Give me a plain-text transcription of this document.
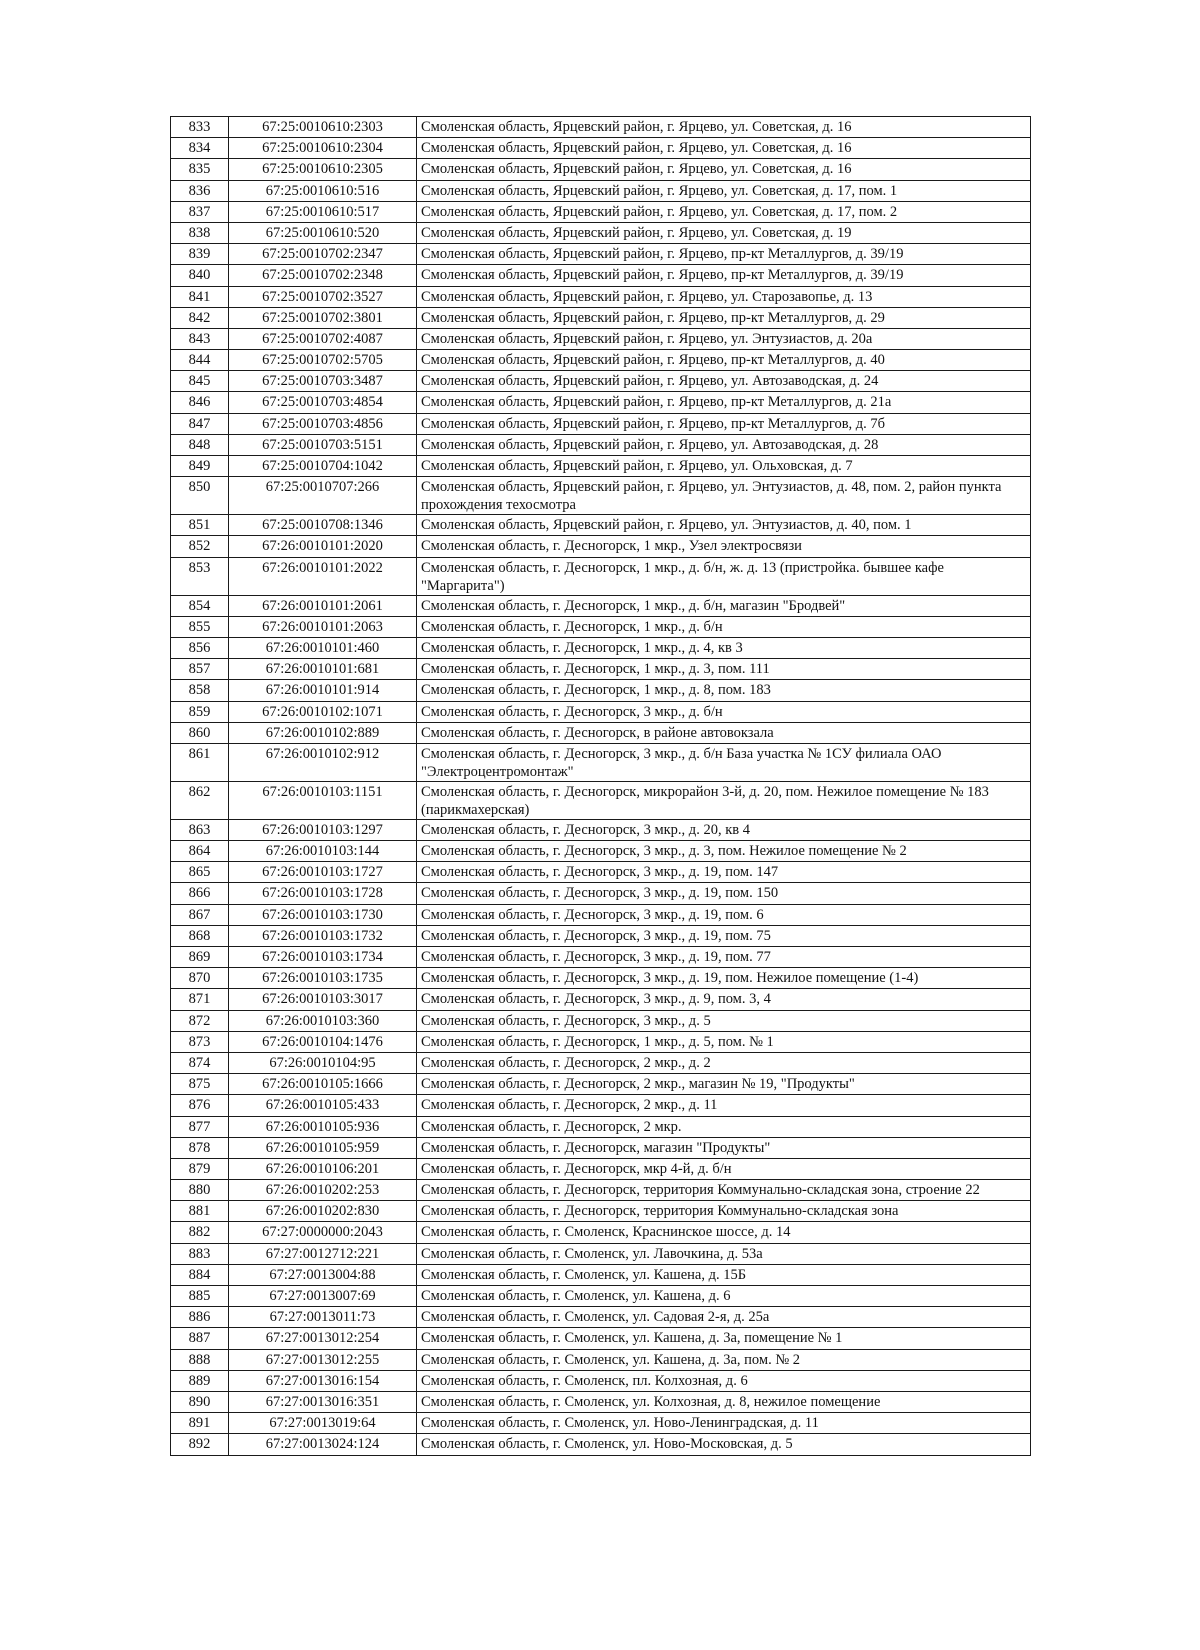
833	67:25:0010610:2303	Смоленская область, Ярцевский район, г. Ярцево, ул. Советская, д. 16
834	67:25:0010610:2304	Смоленская область, Ярцевский район, г. Ярцево, ул. Советская, д. 16
835	67:25:0010610:2305	Смоленская область, Ярцевский район, г. Ярцево, ул. Советская, д. 16
836	67:25:0010610:516	Смоленская область, Ярцевский район, г. Ярцево, ул. Советская, д. 17, пом. 1
837	67:25:0010610:517	Смоленская область, Ярцевский район, г. Ярцево, ул. Советская, д. 17, пом. 2
838	67:25:0010610:520	Смоленская область, Ярцевский район, г. Ярцево, ул. Советская, д. 19
839	67:25:0010702:2347	Смоленская область, Ярцевский район, г. Ярцево, пр-кт Металлургов, д. 39/19
840	67:25:0010702:2348	Смоленская область, Ярцевский район, г. Ярцево, пр-кт Металлургов, д. 39/19
841	67:25:0010702:3527	Смоленская область, Ярцевский район, г. Ярцево, ул. Старозавопье, д. 13
842	67:25:0010702:3801	Смоленская область, Ярцевский район, г. Ярцево, пр-кт Металлургов, д. 29
843	67:25:0010702:4087	Смоленская область, Ярцевский район, г. Ярцево, ул. Энтузиастов, д. 20а
844	67:25:0010702:5705	Смоленская область, Ярцевский район, г. Ярцево, пр-кт Металлургов, д. 40
845	67:25:0010703:3487	Смоленская область, Ярцевский район, г. Ярцево, ул. Автозаводская, д. 24
846	67:25:0010703:4854	Смоленская область, Ярцевский район, г. Ярцево, пр-кт Металлургов, д. 21а
847	67:25:0010703:4856	Смоленская область, Ярцевский район, г. Ярцево, пр-кт Металлургов, д. 7б
848	67:25:0010703:5151	Смоленская область, Ярцевский район, г. Ярцево, ул. Автозаводская, д. 28
849	67:25:0010704:1042	Смоленская область, Ярцевский район, г. Ярцево, ул. Ольховская, д. 7
850	67:25:0010707:266	Смоленская область, Ярцевский район, г. Ярцево, ул. Энтузиастов, д. 48, пом. 2, район пункта прохождения техосмотра
851	67:25:0010708:1346	Смоленская область, Ярцевский район, г. Ярцево, ул. Энтузиастов, д. 40, пом. 1
852	67:26:0010101:2020	Смоленская область, г. Десногорск, 1 мкр., Узел электросвязи
853	67:26:0010101:2022	Смоленская область, г. Десногорск, 1 мкр., д. б/н, ж. д. 13 (пристройка. бывшее кафе "Маргарита")
854	67:26:0010101:2061	Смоленская область, г. Десногорск, 1 мкр., д. б/н, магазин "Бродвей"
855	67:26:0010101:2063	Смоленская область, г. Десногорск, 1 мкр., д. б/н
856	67:26:0010101:460	Смоленская область, г. Десногорск, 1 мкр., д. 4, кв 3
857	67:26:0010101:681	Смоленская область, г. Десногорск, 1 мкр., д. 3, пом. 111
858	67:26:0010101:914	Смоленская область, г. Десногорск, 1 мкр., д. 8, пом. 183
859	67:26:0010102:1071	Смоленская область, г. Десногорск, 3 мкр., д. б/н
860	67:26:0010102:889	Смоленская область, г. Десногорск, в районе автовокзала
861	67:26:0010102:912	Смоленская область, г. Десногорск, 3 мкр., д. б/н База участка № 1СУ филиала ОАО "Электроцентромонтаж"
862	67:26:0010103:1151	Смоленская область, г. Десногорск, микрорайон 3-й, д. 20, пом. Нежилое помещение № 183 (парикмахерская)
863	67:26:0010103:1297	Смоленская область, г. Десногорск, 3 мкр., д. 20, кв 4
864	67:26:0010103:144	Смоленская область, г. Десногорск, 3 мкр., д. 3, пом. Нежилое помещение № 2
865	67:26:0010103:1727	Смоленская область, г. Десногорск, 3 мкр., д. 19, пом. 147
866	67:26:0010103:1728	Смоленская область, г. Десногорск, 3 мкр., д. 19, пом. 150
867	67:26:0010103:1730	Смоленская область, г. Десногорск, 3 мкр., д. 19, пом. 6
868	67:26:0010103:1732	Смоленская область, г. Десногорск, 3 мкр., д. 19, пом. 75
869	67:26:0010103:1734	Смоленская область, г. Десногорск, 3 мкр., д. 19, пом. 77
870	67:26:0010103:1735	Смоленская область, г. Десногорск, 3 мкр., д. 19, пом. Нежилое помещение (1-4)
871	67:26:0010103:3017	Смоленская область, г. Десногорск, 3 мкр., д. 9, пом. 3, 4
872	67:26:0010103:360	Смоленская область, г. Десногорск, 3 мкр., д. 5
873	67:26:0010104:1476	Смоленская область, г. Десногорск, 1 мкр., д. 5, пом. № 1
874	67:26:0010104:95	Смоленская область, г. Десногорск, 2 мкр., д. 2
875	67:26:0010105:1666	Смоленская область, г. Десногорск, 2 мкр., магазин № 19, "Продукты"
876	67:26:0010105:433	Смоленская область, г. Десногорск, 2 мкр., д. 11
877	67:26:0010105:936	Смоленская область, г. Десногорск, 2 мкр.
878	67:26:0010105:959	Смоленская область, г. Десногорск, магазин "Продукты"
879	67:26:0010106:201	Смоленская область, г. Десногорск, мкр 4-й, д. б/н
880	67:26:0010202:253	Смоленская область, г. Десногорск, территория Коммунально-складская зона, строение 22
881	67:26:0010202:830	Смоленская область, г. Десногорск, территория Коммунально-складская зона
882	67:27:0000000:2043	Смоленская область, г. Смоленск, Краснинское шоссе, д. 14
883	67:27:0012712:221	Смоленская область, г. Смоленск, ул. Лавочкина, д. 53а
884	67:27:0013004:88	Смоленская область, г. Смоленск, ул. Кашена, д. 15Б
885	67:27:0013007:69	Смоленская область, г. Смоленск, ул. Кашена, д. 6
886	67:27:0013011:73	Смоленская область, г. Смоленск, ул. Садовая 2-я, д. 25а
887	67:27:0013012:254	Смоленская область, г. Смоленск, ул. Кашена, д. 3а, помещение № 1
888	67:27:0013012:255	Смоленская область, г. Смоленск, ул. Кашена, д. 3а, пом. № 2
889	67:27:0013016:154	Смоленская область, г. Смоленск, пл. Колхозная, д. 6
890	67:27:0013016:351	Смоленская область, г. Смоленск, ул. Колхозная, д. 8, нежилое помещение
891	67:27:0013019:64	Смоленская область, г. Смоленск, ул. Ново-Ленинградская, д. 11
892	67:27:0013024:124	Смоленская область, г. Смоленск, ул. Ново-Московская, д. 5
